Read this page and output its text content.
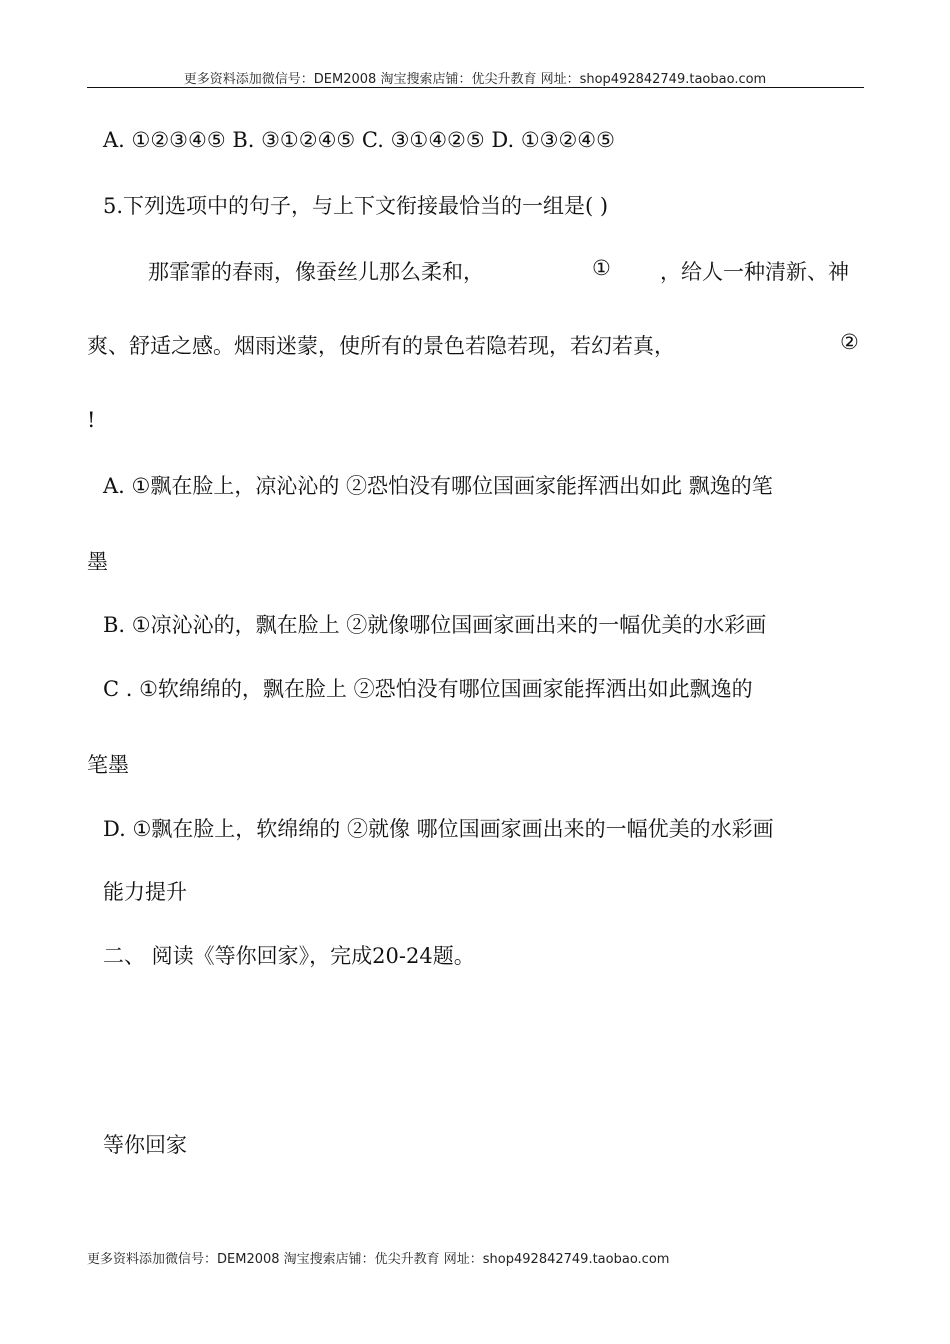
更多资料添加微信号：DEM2008 淘宝搜索店铺：优尖升教育 网址：shop492842749.taobao.com
A. ①②③④⑤ B. ③①②④⑤ C. ③①④②⑤ D. ①③②④⑤
5.下列选项中的句子，与上下文衔接最恰当的一组是( )
那霏霏的春雨，像蚕丝儿那么柔和，	① ，给人一种清新、神
爽、舒适之感。烟雨迷蒙，使所有的景色若隐若现，若幻若真，	②
!
A. ①飘在脸上，凉沁沁的 ②恐怕没有哪位国画家能挥洒出如此 飘逸的笔
墨
B. ①凉沁沁的，飘在脸上 ②就像哪位国画家画出来的一幅优美的水彩画
C . ①软绵绵的，飘在脸上 ②恐怕没有哪位国画家能挥洒出如此飘逸的
笔墨
D. ①飘在脸上，软绵绵的 ②就像 哪位国画家画出来的一幅优美的水彩画
能力提升
二、 阅读《等你回家》，完成20-24题。
等你回家
更多资料添加微信号：DEM2008 淘宝搜索店铺：优尖升教育 网址：shop492842749.taobao.com
